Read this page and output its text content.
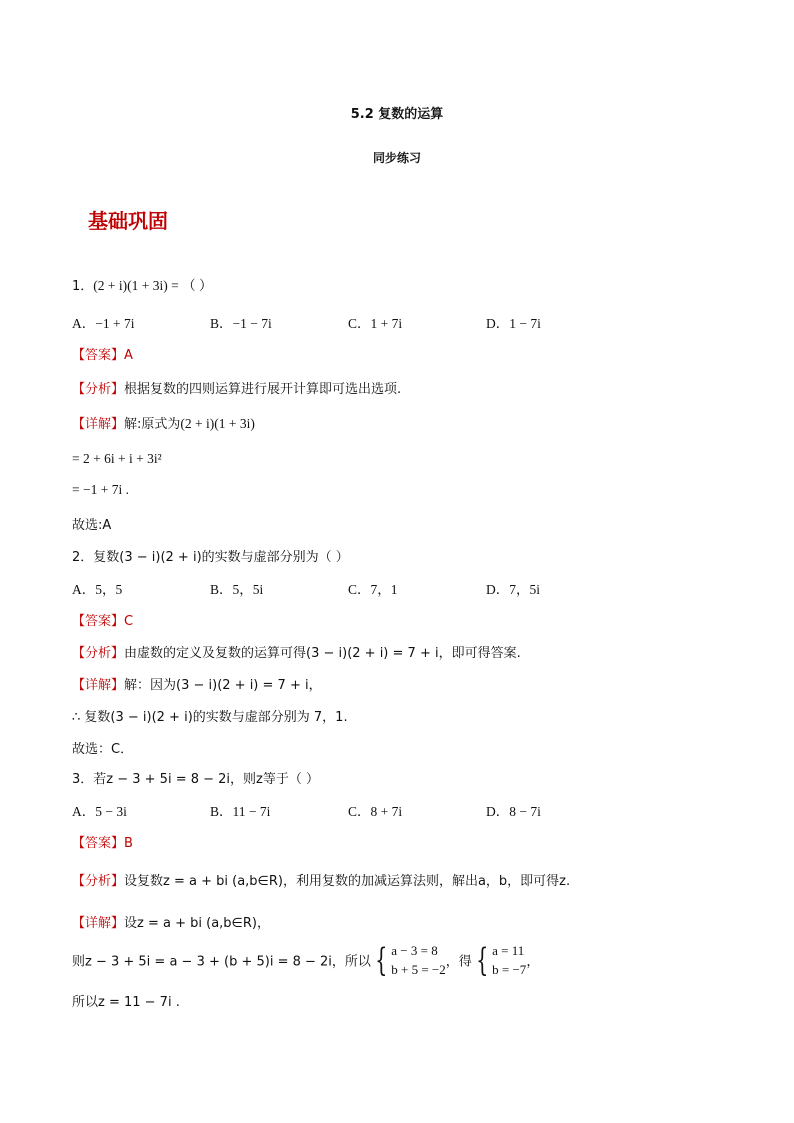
5.2 复数的运算
同步练习
基础巩固
1．(2 + i)(1 + 3i) = （ ）
A．−1 + 7i	B．−1 − 7i	C．1 + 7i	D．1 − 7i
【答案】A
【分析】根据复数的四则运算进行展开计算即可选出选项.
【详解】解:原式为(2 + i)(1 + 3i)
= 2 + 6i + i + 3i²
= −1 + 7i .
故选:A
2．复数(3 − i)(2 + i)的实数与虚部分别为（ ）
A．5，5	B．5，5i	C．7，1	D．7，5i
【答案】C
【分析】由虚数的定义及复数的运算可得(3 − i)(2 + i) = 7 + i，即可得答案.
【详解】解：因为(3 − i)(2 + i) = 7 + i，
∴ 复数(3 − i)(2 + i)的实数与虚部分别为 7，1.
故选：C．
3．若z − 3 + 5i = 8 − 2i，则z等于（ ）
A．5 − 3i	B．11 − 7i	C．8 + 7i	D．8 − 7i
【答案】B
【分析】设复数z = a + bi (a,b∈R)，利用复数的加减运算法则，解出a，b，即可得z.
【详解】设z = a + bi (a,b∈R)，
则z − 3 + 5i = a − 3 + (b + 5)i = 8 − 2i，所以 { a − 3 = 8
b + 5 = −2 ，得 { a = 11
b = −7 ，
所以z = 11 − 7i .
